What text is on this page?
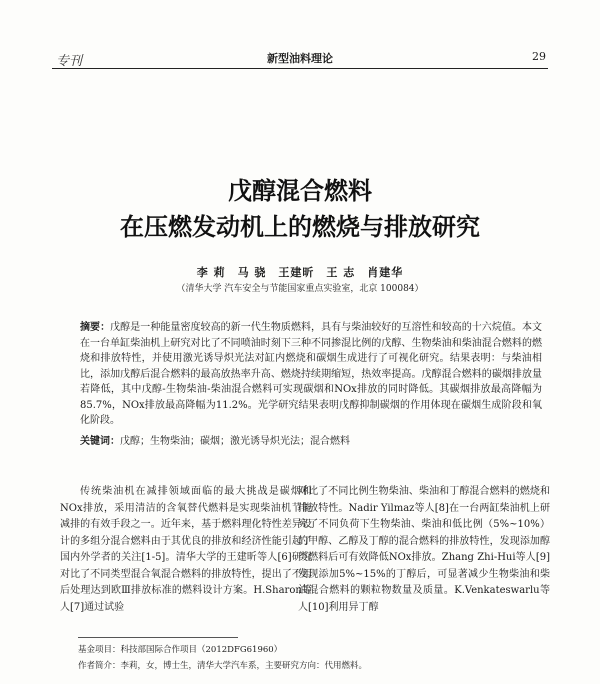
专刊	新型油料理论	29
戊醇混合燃料
在压燃发动机上的燃烧与排放研究
李 莉　马 骁　王建昕　王 志　肖建华
（清华大学 汽车安全与节能国家重点实验室，北京 100084）
摘要：戊醇是一种能量密度较高的新一代生物质燃料，具有与柴油较好的互溶性和较高的十六烷值。本文在一台单缸柴油机上研究对比了不同喷油时刻下三种不同掺混比例的戊醇、生物柴油和柴油混合燃料的燃烧和排放特性，并使用激光诱导炽光法对缸内燃烧和碳烟生成进行了可视化研究。结果表明：与柴油相比，添加戊醇后混合燃料的最高放热率升高、燃烧持续期缩短，热效率提高。戊醇混合燃料的碳烟排放量若降低，其中戊醇-生物柴油-柴油混合燃料可实现碳烟和NOx排放的同时降低。其碳烟排放最高降幅为85.7%，NOx排放最高降幅为11.2%。光学研究结果表明戊醇抑制碳烟的作用体现在碳烟生成阶段和氧化阶段。
关键词：戊醇；生物柴油；碳烟；激光诱导炽光法；混合燃料
传统柴油机在减排领域面临的最大挑战是碳烟和NOx排放，采用清洁的含氧替代燃料是实现柴油机节能减排的有效手段之一。近年来，基于燃料理化特性差异设计的多组分混合燃料由于其优良的排放和经济性能引起了国内外学者的关注[1-5]。清华大学的王建昕等人[6]研究对比了不同类型混合氧混合燃料的排放特性，提出了不用后处理达到欧Ⅲ排放标准的燃料设计方案。H.Sharon等人[7]通过试验
对比了不同比例生物柴油、柴油和丁醇混合燃料的燃烧和排放特性。Nadir Yilmaz等人[8]在一台两缸柴油机上研究了不同负荷下生物柴油、柴油和低比例（5%~10%）的甲醇、乙醇及丁醇的混合燃料的排放特性，发现添加醇类燃料后可有效降低NOx排放。Zhang Zhi-Hui等人[9]发现添加5%~15%的丁醇后，可显著减少生物柴油和柴油混合燃料的颗粒物数量及质量。K.Venkateswarlu等人[10]利用异丁醇
基金项目：科技部国际合作项目（2012DFG61960）
作者简介：李莉，女，博士生，清华大学汽车系，主要研究方向：代用燃料。
